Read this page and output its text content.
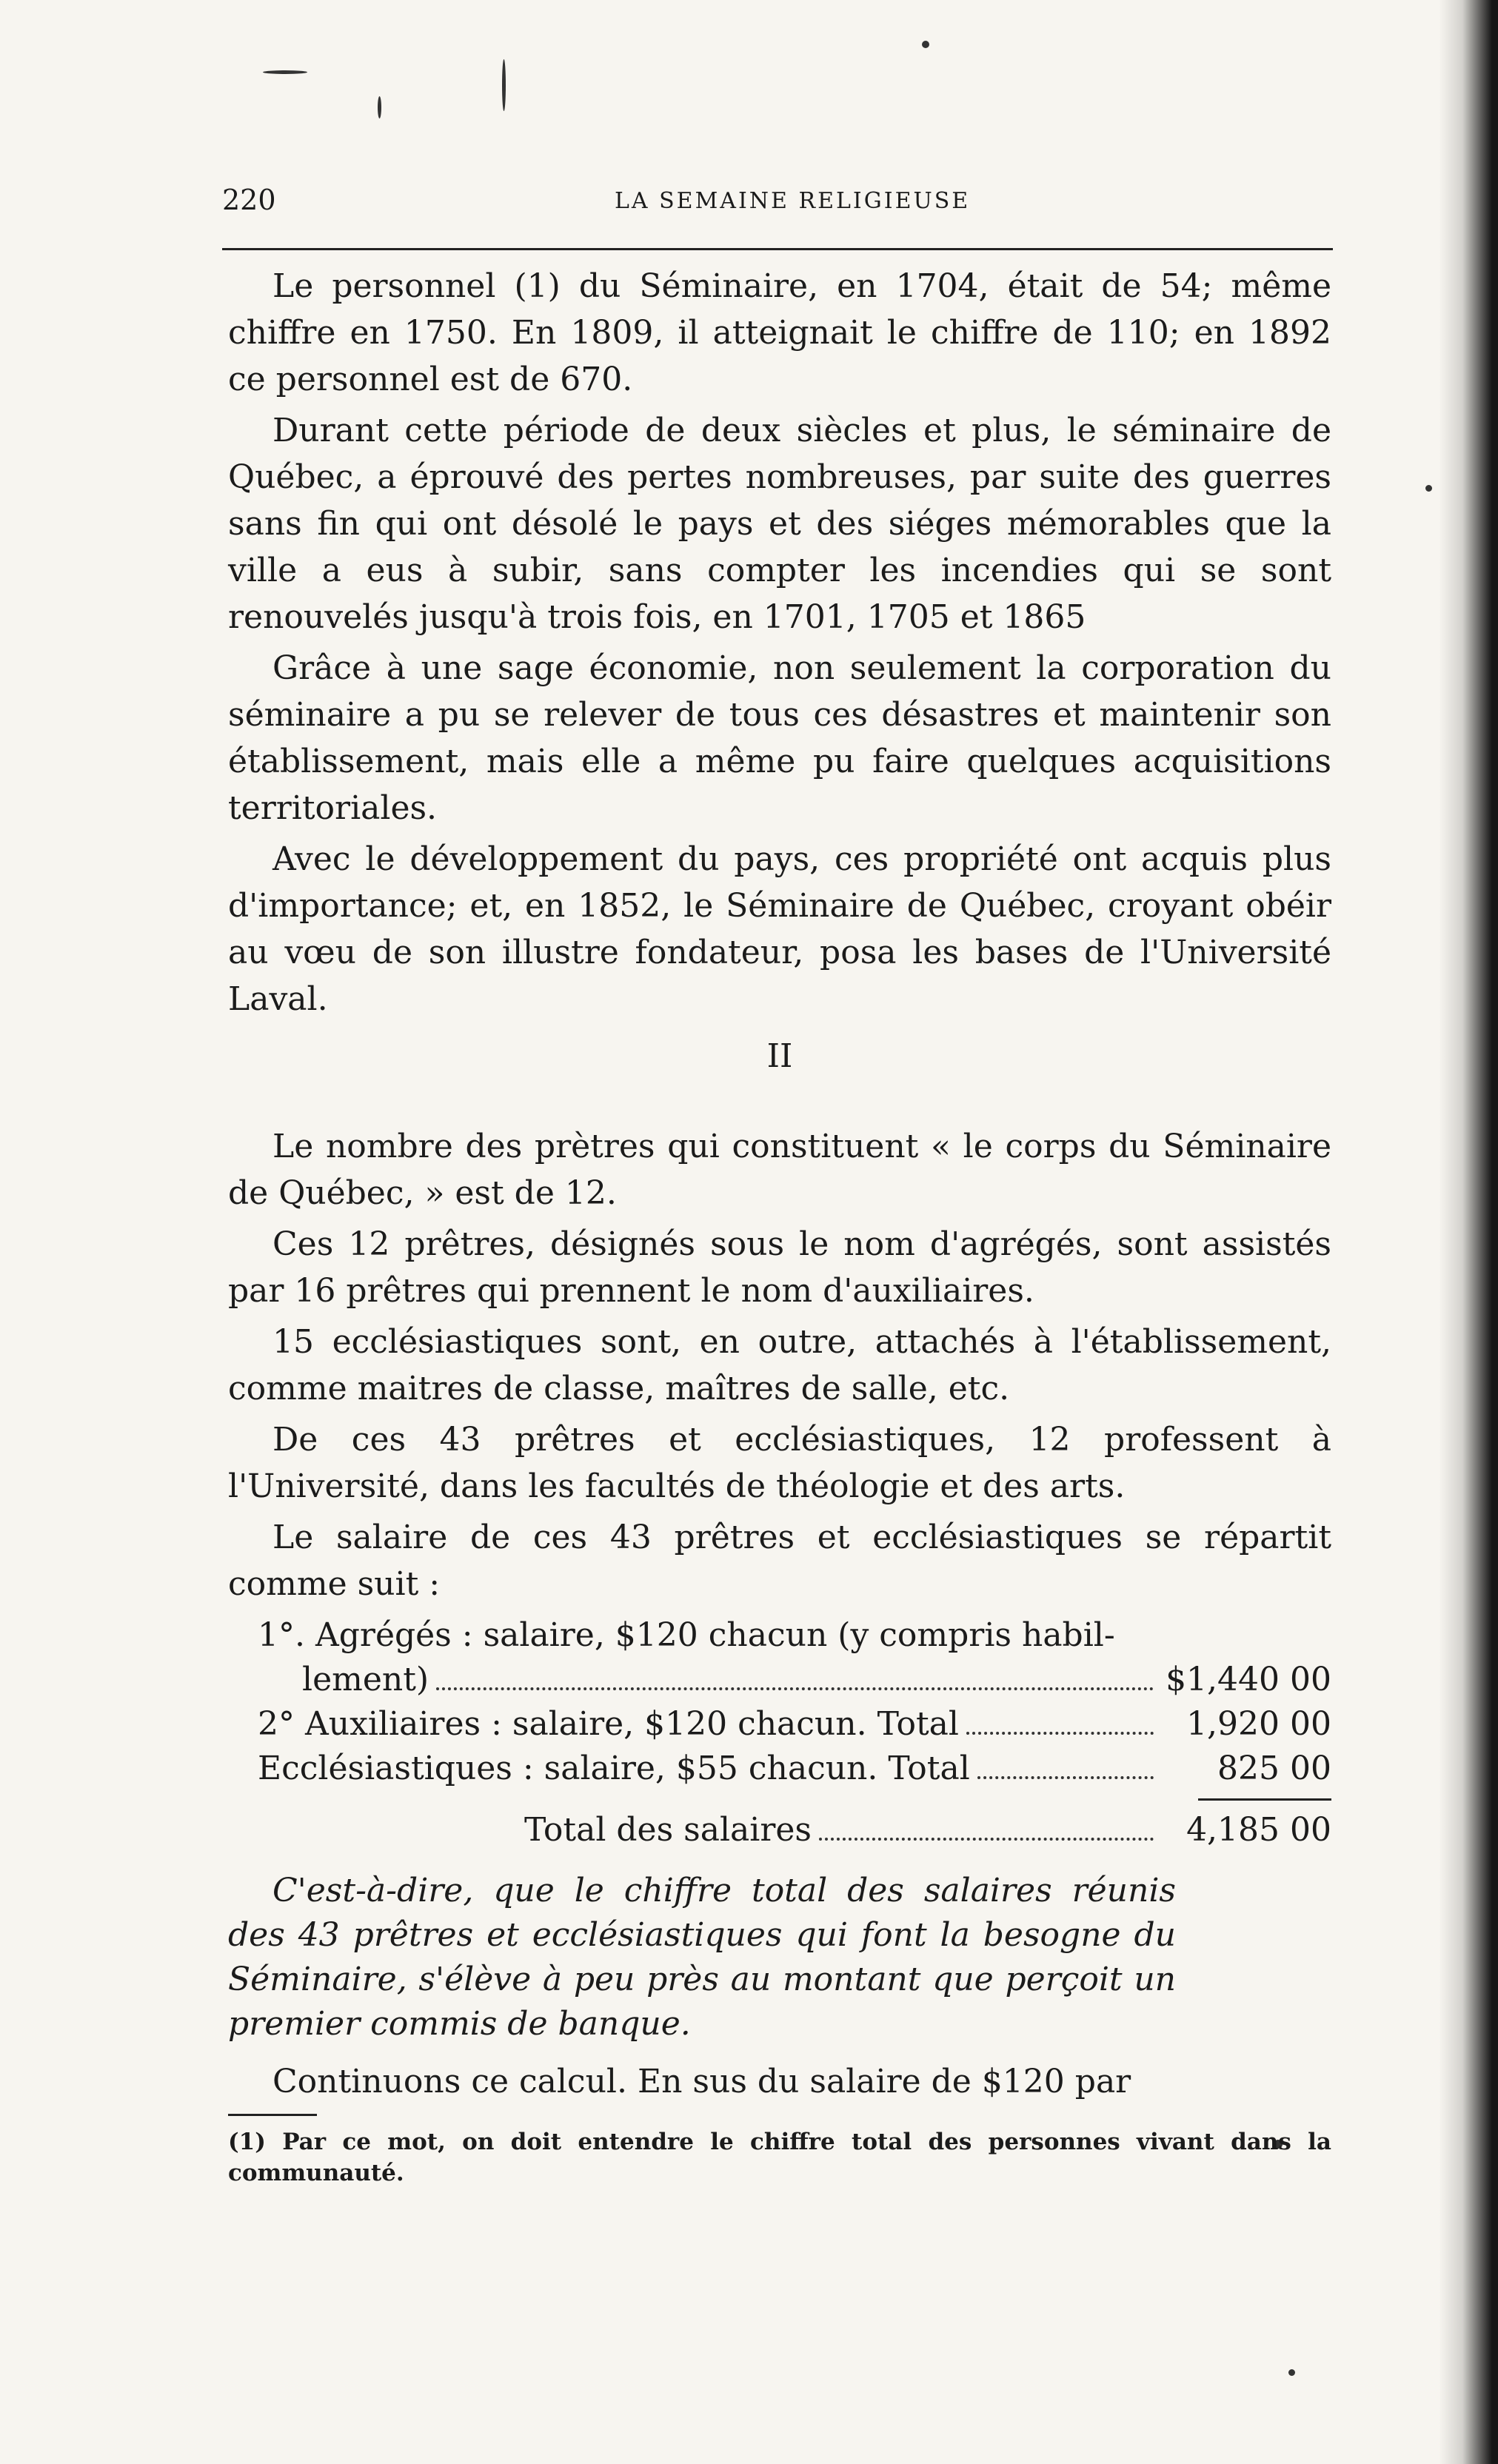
220	LA SEMAINE RELIGIEUSE

Le personnel (1) du Séminaire, en 1704, était de 54; même chiffre en 1750. En 1809, il atteignait le chiffre de 110; en 1892 ce personnel est de 670.

Durant cette période de deux siècles et plus, le séminaire de Québec, a éprouvé des pertes nombreuses, par suite des guerres sans fin qui ont désolé le pays et des siéges mémorables que la ville a eus à subir, sans compter les incendies qui se sont renouvelés jusqu'à trois fois, en 1701, 1705 et 1865

Grâce à une sage économie, non seulement la corporation du séminaire a pu se relever de tous ces désastres et maintenir son établissement, mais elle a même pu faire quelques acquisitions territoriales.

Avec le développement du pays, ces propriété ont acquis plus d'importance; et, en 1852, le Séminaire de Québec, croyant obéir au vœu de son illustre fondateur, posa les bases de l'Université Laval.

II

Le nombre des prètres qui constituent « le corps du Séminaire de Québec, » est de 12.

Ces 12 prêtres, désignés sous le nom d'agrégés, sont assistés par 16 prêtres qui prennent le nom d'auxiliaires.

15 ecclésiastiques sont, en outre, attachés à l'établissement, comme maitres de classe, maîtres de salle, etc.

De ces 43 prêtres et ecclésiastiques, 12 professent à l'Université, dans les facultés de théologie et des arts.

Le salaire de ces 43 prêtres et ecclésiastiques se répartit comme suit :

1°. Agrégés : salaire, $120 chacun (y compris habil-
lement)	$1,440 00
2° Auxiliaires : salaire, $120 chacun. Total	1,920 00
Ecclésiastiques : salaire, $55 chacun. Total	825 00
Total des salaires	4,185 00
C'est-à-dire, que le chiffre total des salaires réunis des 43 prêtres et ecclésiastiques qui font la besogne du Séminaire, s'élève à peu près au montant que perçoit un premier commis de banque.
Continuons ce calcul. En sus du salaire de $120 par
(1) Par ce mot, on doit entendre le chiffre total des personnes vivant dans la communauté.
